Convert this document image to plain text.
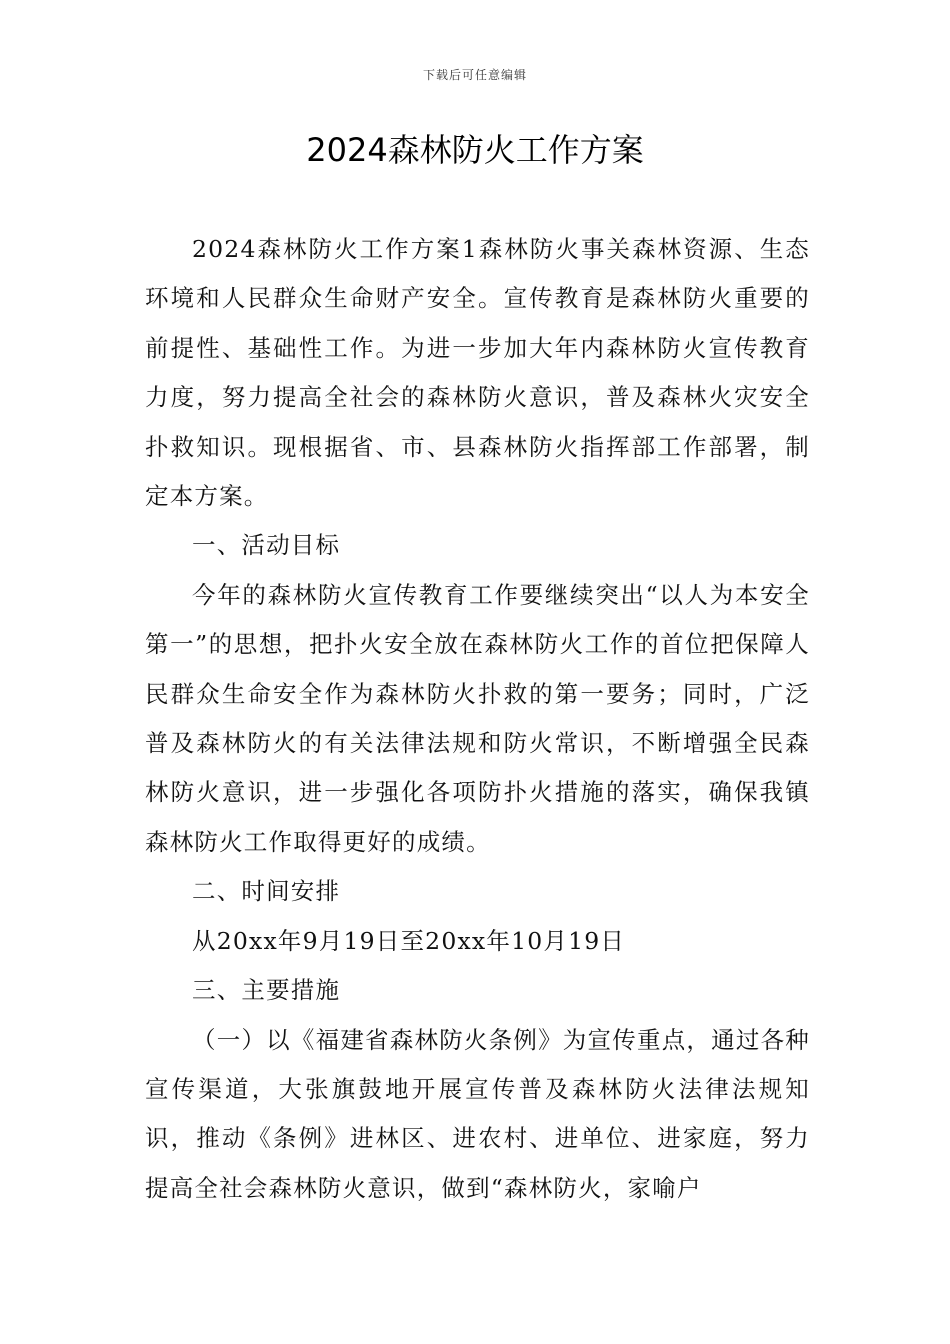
下载后可任意编辑
2024森林防火工作方案

2024森林防火工作方案1森林防火事关森林资源、生态环境和人民群众生命财产安全。宣传教育是森林防火重要的前提性、基础性工作。为进一步加大年内森林防火宣传教育力度，努力提高全社会的森林防火意识，普及森林火灾安全扑救知识。现根据省、市、县森林防火指挥部工作部署，制定本方案。

一、活动目标

今年的森林防火宣传教育工作要继续突出“以人为本安全第一”的思想，把扑火安全放在森林防火工作的首位把保障人民群众生命安全作为森林防火扑救的第一要务；同时，广泛普及森林防火的有关法律法规和防火常识，不断增强全民森林防火意识，进一步强化各项防扑火措施的落实，确保我镇森林防火工作取得更好的成绩。

二、时间安排

从20xx年9月19日至20xx年10月19日

三、主要措施

（一）以《福建省森林防火条例》为宣传重点，通过各种宣传渠道，大张旗鼓地开展宣传普及森林防火法律法规知识，推动《条例》进林区、进农村、进单位、进家庭，努力提高全社会森林防火意识，做到“森林防火，家喻户
